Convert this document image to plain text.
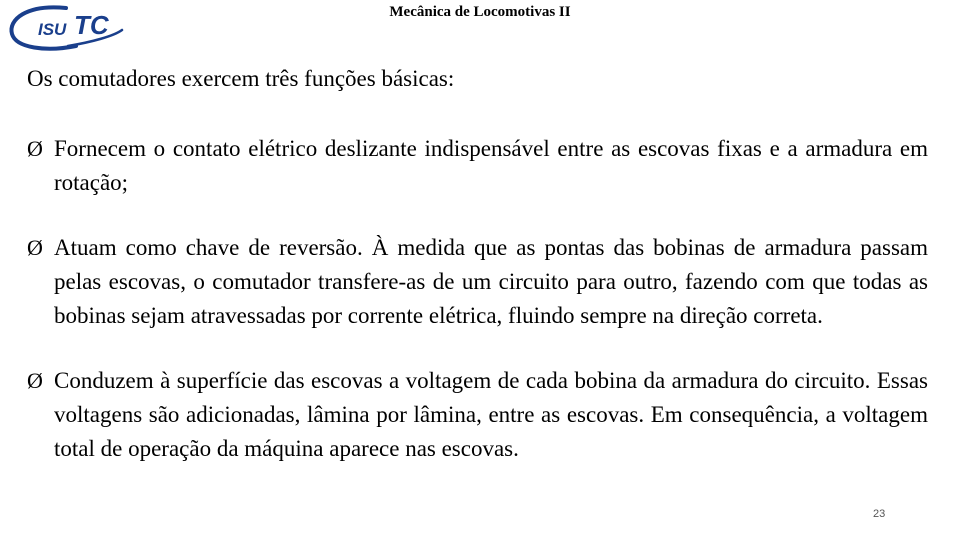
ISU TC	Mecânica de Locomotivas II
Os comutadores exercem três funções básicas:
Ø Fornecem o contato elétrico deslizante indispensável entre as escovas fixas e a armadura em rotação;
Ø Atuam como chave de reversão. À medida que as pontas das bobinas de armadura passam pelas escovas, o comutador transfere-as de um circuito para outro, fazendo com que todas as bobinas sejam atravessadas por corrente elétrica, fluindo sempre na direção correta.
Ø Conduzem à superfície das escovas a voltagem de cada bobina da armadura do circuito. Essas voltagens são adicionadas, lâmina por lâmina, entre as escovas. Em consequência, a voltagem total de operação da máquina aparece nas escovas.
23
